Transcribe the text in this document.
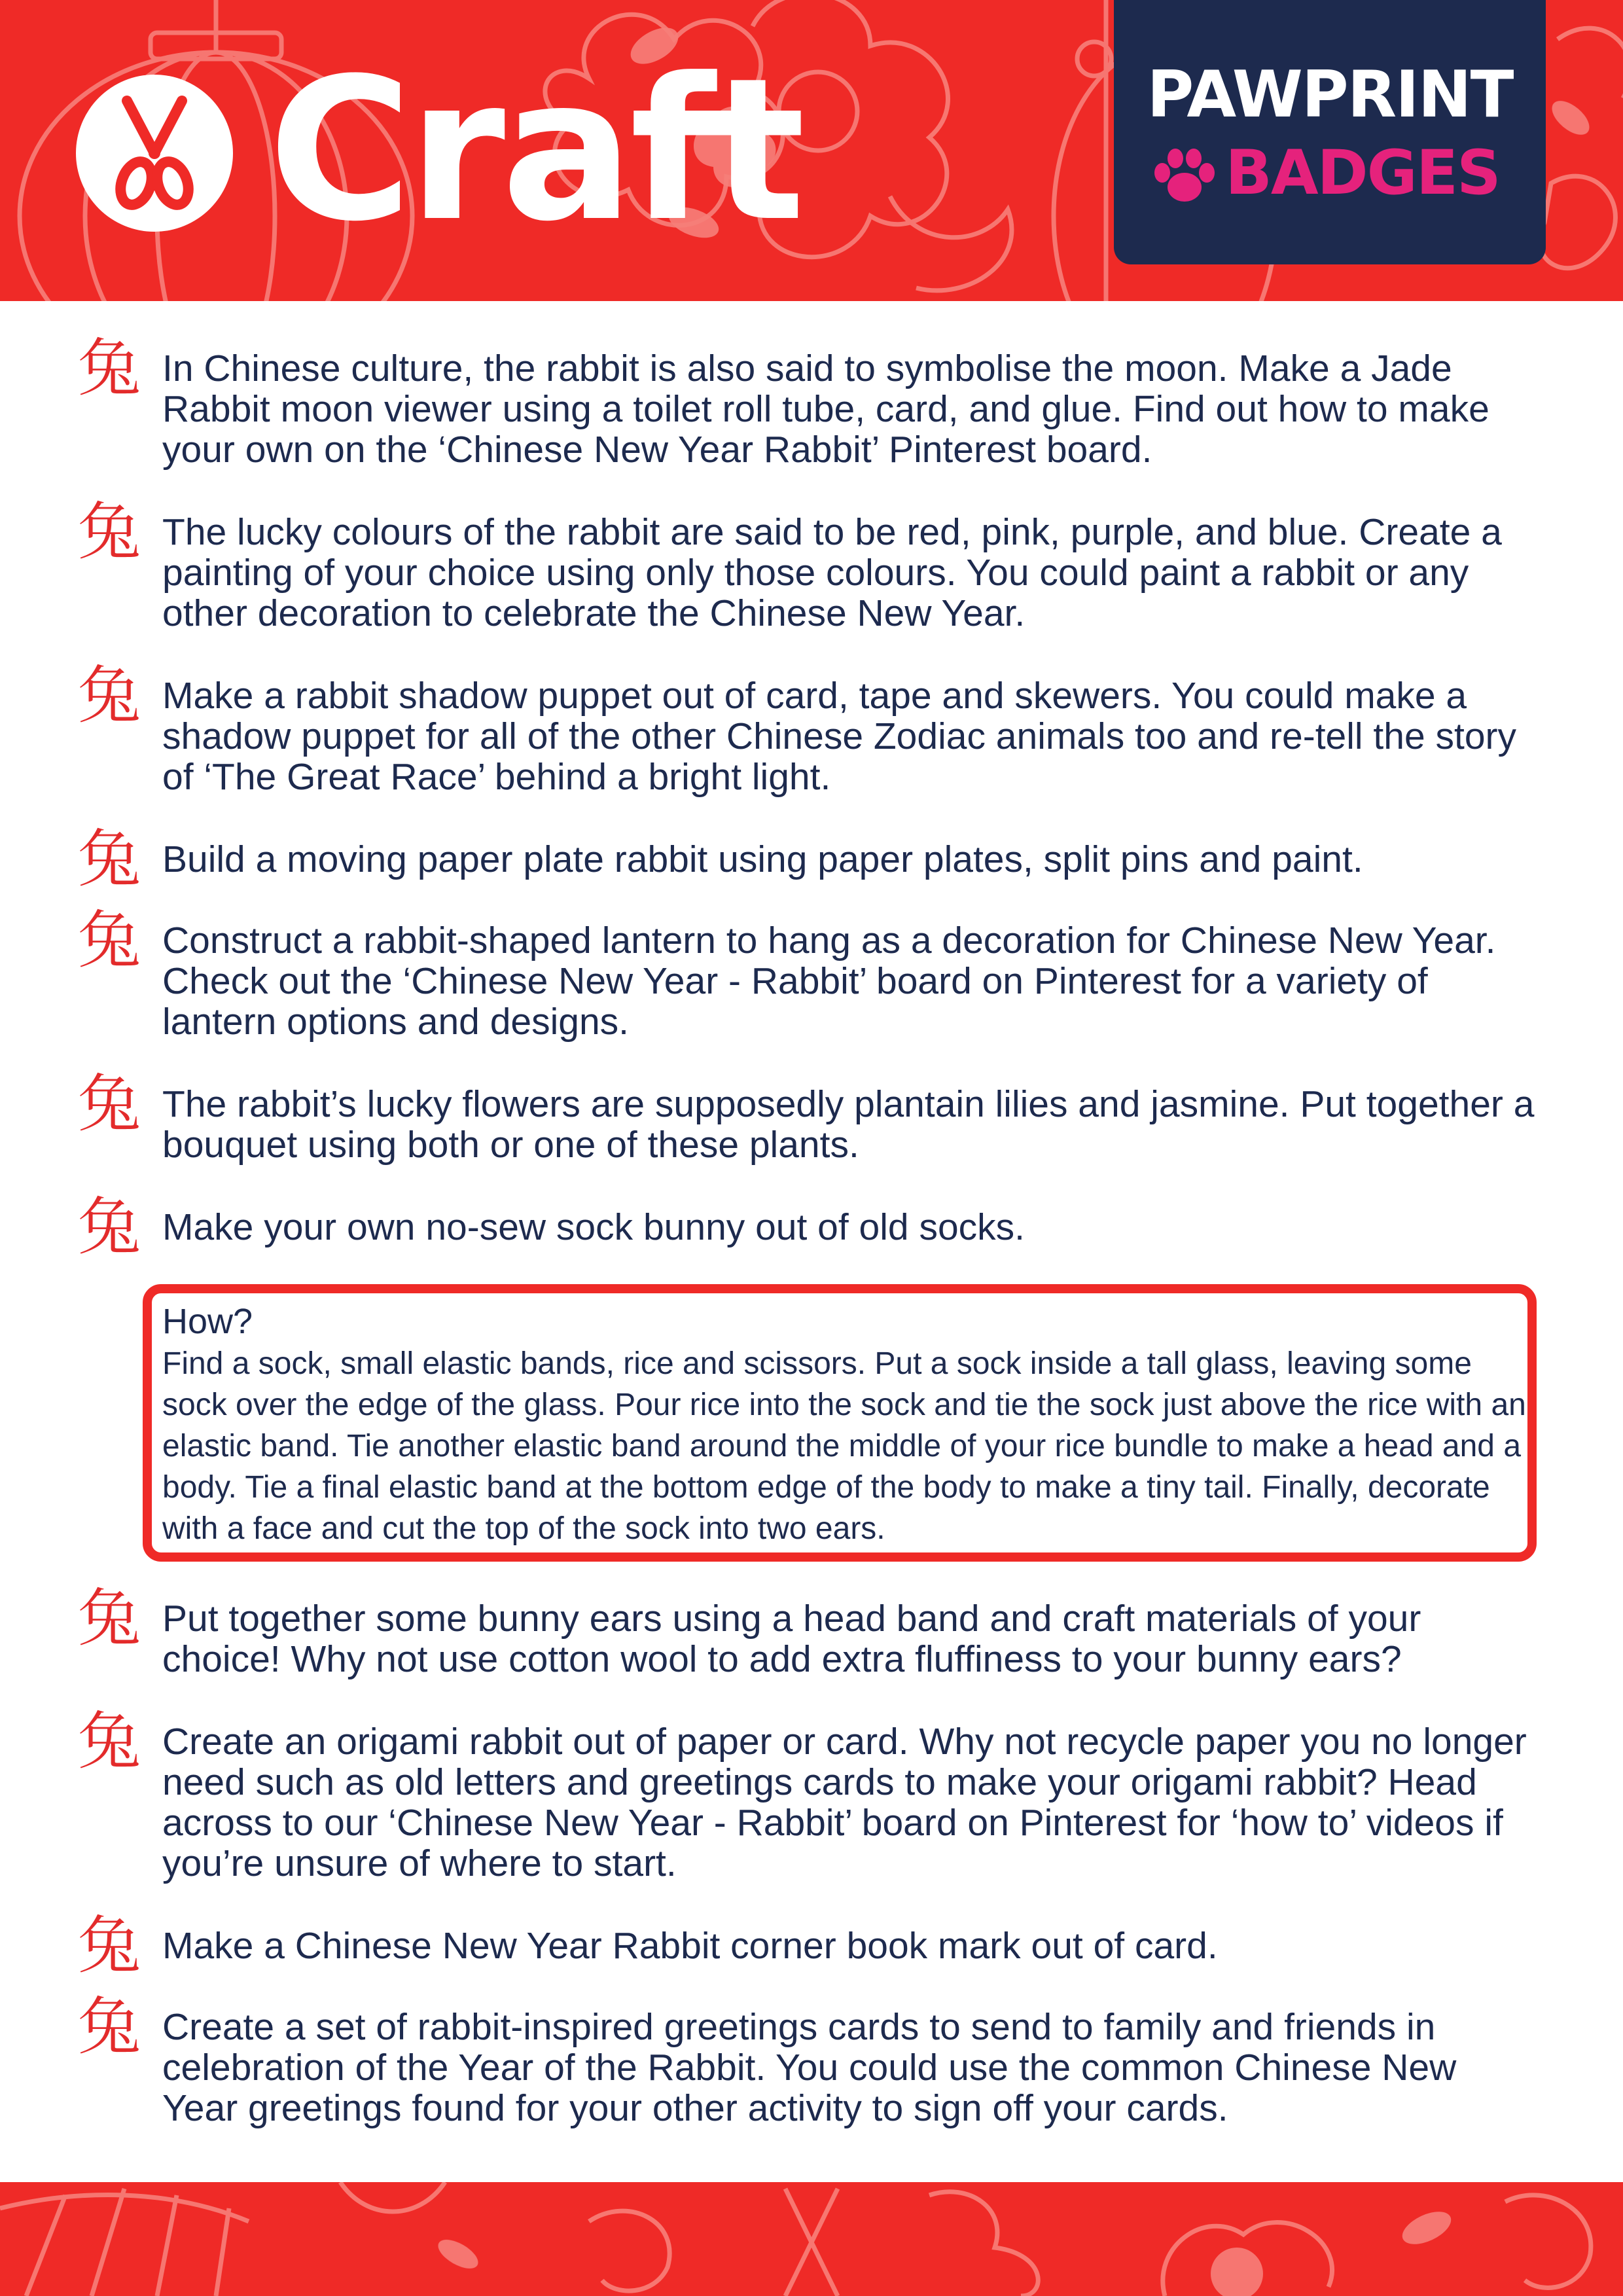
Craft	PAWPRINT
BADGES
兔 In Chinese culture, the rabbit is also said to symbolise the moon. Make a Jade Rabbit moon viewer using a toilet roll tube, card, and glue. Find out how to make your own on the ‘Chinese New Year Rabbit’ Pinterest board.
兔 The lucky colours of the rabbit are said to be red, pink, purple, and blue. Create a painting of your choice using only those colours. You could paint a rabbit or any other decoration to celebrate the Chinese New Year.
兔 Make a rabbit shadow puppet out of card, tape and skewers. You could make a shadow puppet for all of the other Chinese Zodiac animals too and re-tell the story of ‘The Great Race’ behind a bright light.
兔 Build a moving paper plate rabbit using paper plates, split pins and paint.
兔 Construct a rabbit-shaped lantern to hang as a decoration for Chinese New Year. Check out the ‘Chinese New Year - Rabbit’ board on Pinterest for a variety of lantern options and designs.
兔 The rabbit’s lucky flowers are supposedly plantain lilies and jasmine. Put together a bouquet using both or one of these plants.
兔 Make your own no-sew sock bunny out of old socks.
How?
Find a sock, small elastic bands, rice and scissors. Put a sock inside a tall glass, leaving some sock over the edge of the glass. Pour rice into the sock and tie the sock just above the rice with an elastic band. Tie another elastic band around the middle of your rice bundle to make a head and a body. Tie a final elastic band at the bottom edge of the body to make a tiny tail. Finally, decorate with a face and cut the top of the sock into two ears.
兔 Put together some bunny ears using a head band and craft materials of your choice! Why not use cotton wool to add extra fluffiness to your bunny ears?
兔 Create an origami rabbit out of paper or card. Why not recycle paper you no longer need such as old letters and greetings cards to make your origami rabbit? Head across to our ‘Chinese New Year - Rabbit’ board on Pinterest for ‘how to’ videos if you’re unsure of where to start.
兔 Make a Chinese New Year Rabbit corner book mark out of card.
兔 Create a set of rabbit-inspired greetings cards to send to family and friends in celebration of the Year of the Rabbit. You could use the common Chinese New Year greetings found for your other activity to sign off your cards.
